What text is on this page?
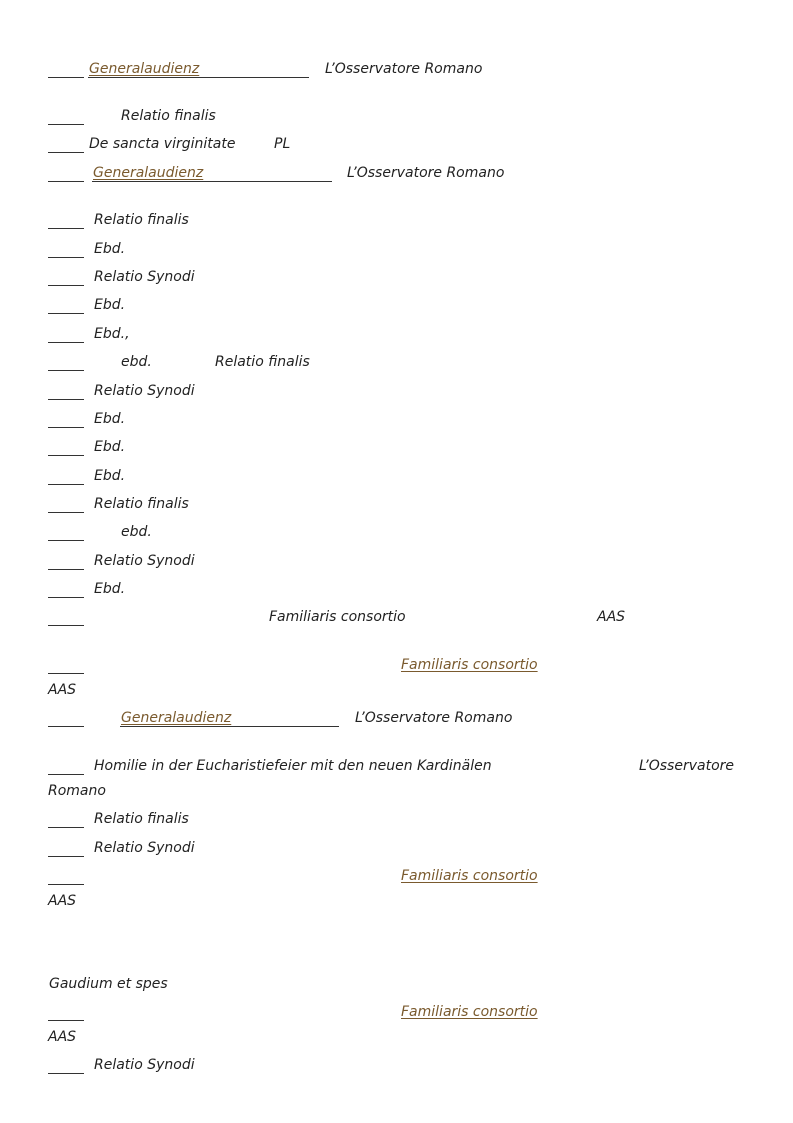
Generalaudienz	L’Osservatore Romano
Relatio finalis
De sancta virginitate	PL
Generalaudienz	L’Osservatore Romano
Relatio finalis
Ebd.
Relatio Synodi
Ebd.
Ebd.,
ebd.	Relatio finalis
Relatio Synodi
Ebd.
Ebd.
Ebd.
Relatio finalis
ebd.
Relatio Synodi
Ebd.
Familiaris consortio	AAS
Familiaris consortio
AAS
Generalaudienz	L’Osservatore Romano
Homilie in der Eucharistiefeier mit den neuen Kardinälen	L’Osservatore
Romano
Relatio finalis
Relatio Synodi
Familiaris consortio
AAS
Gaudium et spes
Familiaris consortio
AAS
Relatio Synodi
